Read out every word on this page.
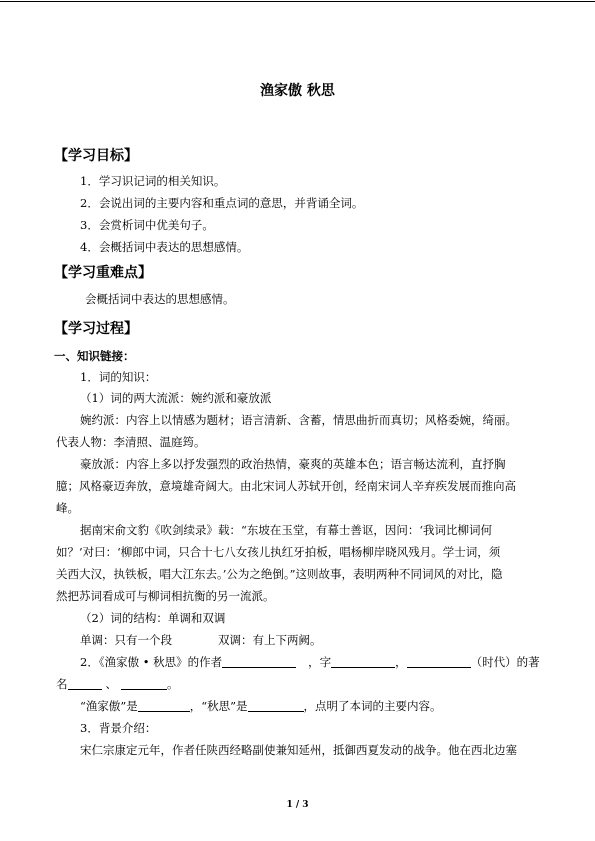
渔家傲 秋思
【学习目标】
1．学习识记词的相关知识。
2．会说出词的主要内容和重点词的意思，并背诵全词。
3．会赏析词中优美句子。
4．会概括词中表达的思想感情。
【学习重难点】
会概括词中表达的思想感情。
【学习过程】
一、知识链接：
1．词的知识：
（1）词的两大流派：婉约派和豪放派
婉约派：内容上以情感为题材；语言清新、含蓄，情思曲折而真切；风格委婉，绮丽。
代表人物：李清照、温庭筠。
豪放派：内容上多以抒发强烈的政治热情，豪爽的英雄本色；语言畅达流利，直抒胸
臆；风格豪迈奔放，意境雄奇阔大。由北宋词人苏轼开创，经南宋词人辛弃疾发展而推向高
峰。
据南宋俞文豹《吹剑续录》载：“东坡在玉堂，有幕士善讴，因问：‘我词比柳词何
如？’对曰：‘柳郎中词，只合十七八女孩儿执红牙拍板，唱杨柳岸晓风残月。学士词，须
关西大汉，执铁板，唱大江东去。’公为之绝倒。”这则故事，表明两种不同词风的对比，隐
然把苏词看成可与柳词相抗衡的另一流派。
（2）词的结构：单调和双调
单调：只有一个段	双调：有上下两阙。
2．《渔家傲 • 秋思》的作者	，字	，	（时代）的著
名	、	。
“渔家傲”是	，“秋思”是	，点明了本词的主要内容。
3．背景介绍：
宋仁宗康定元年，作者任陕西经略副使兼知延州，抵御西夏发动的战争。他在西北边塞
1 / 3
